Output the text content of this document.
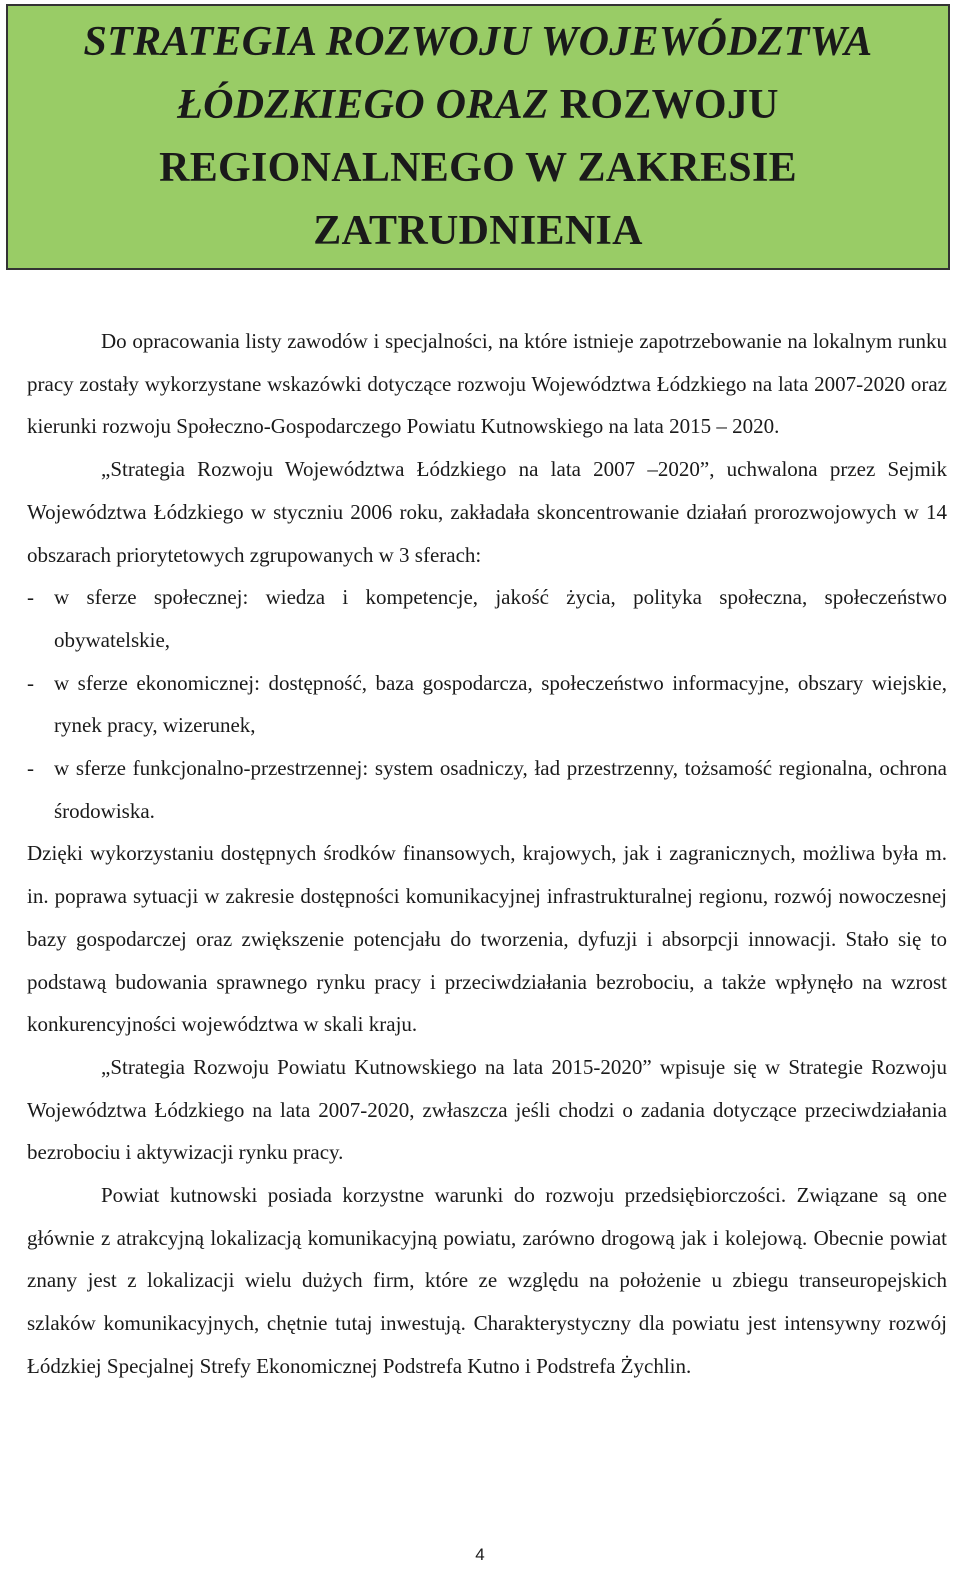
STRATEGIA ROZWOJU WOJEWÓDZTWA
ŁÓDZKIEGO ORAZ ROZWOJU
REGIONALNEGO W ZAKRESIE
ZATRUDNIENIA

Do opracowania listy zawodów i specjalności, na które istnieje zapotrzebowanie na lokalnym runku pracy zostały wykorzystane wskazówki dotyczące rozwoju Województwa Łódzkiego na lata 2007-2020 oraz kierunki rozwoju Społeczno-Gospodarczego Powiatu Kutnowskiego na lata 2015 – 2020.

„Strategia Rozwoju Województwa Łódzkiego na lata 2007 –2020”, uchwalona przez Sejmik Województwa Łódzkiego w styczniu 2006 roku, zakładała skoncentrowanie działań prorozwojowych w 14 obszarach priorytetowych zgrupowanych w 3 sferach:

- w sferze społecznej: wiedza i kompetencje, jakość życia, polityka społeczna, społeczeństwo obywatelskie,
- w sferze ekonomicznej: dostępność, baza gospodarcza, społeczeństwo informacyjne, obszary wiejskie, rynek pracy, wizerunek,
- w sferze funkcjonalno-przestrzennej: system osadniczy, ład przestrzenny, tożsamość regionalna, ochrona środowiska.

Dzięki wykorzystaniu dostępnych środków finansowych, krajowych, jak i zagranicznych, możliwa była m. in. poprawa sytuacji w zakresie dostępności komunikacyjnej infrastrukturalnej regionu, rozwój nowoczesnej bazy gospodarczej oraz zwiększenie potencjału do tworzenia, dyfuzji i absorpcji innowacji. Stało się to podstawą budowania sprawnego rynku pracy i przeciwdziałania bezrobociu, a także wpłynęło na wzrost konkurencyjności województwa w skali kraju.

„Strategia Rozwoju Powiatu Kutnowskiego na lata 2015-2020” wpisuje się w Strategie Rozwoju Województwa Łódzkiego na lata 2007-2020, zwłaszcza jeśli chodzi o zadania dotyczące przeciwdziałania bezrobociu i aktywizacji rynku pracy.

Powiat kutnowski posiada korzystne warunki do rozwoju przedsiębiorczości. Związane są one głównie z atrakcyjną lokalizacją komunikacyjną powiatu, zarówno drogową jak i kolejową. Obecnie powiat znany jest z lokalizacji wielu dużych firm, które ze względu na położenie u zbiegu transeuropejskich szlaków komunikacyjnych, chętnie tutaj inwestują. Charakterystyczny dla powiatu jest intensywny rozwój Łódzkiej Specjalnej Strefy Ekonomicznej Podstrefa Kutno i Podstrefa Żychlin.

4
